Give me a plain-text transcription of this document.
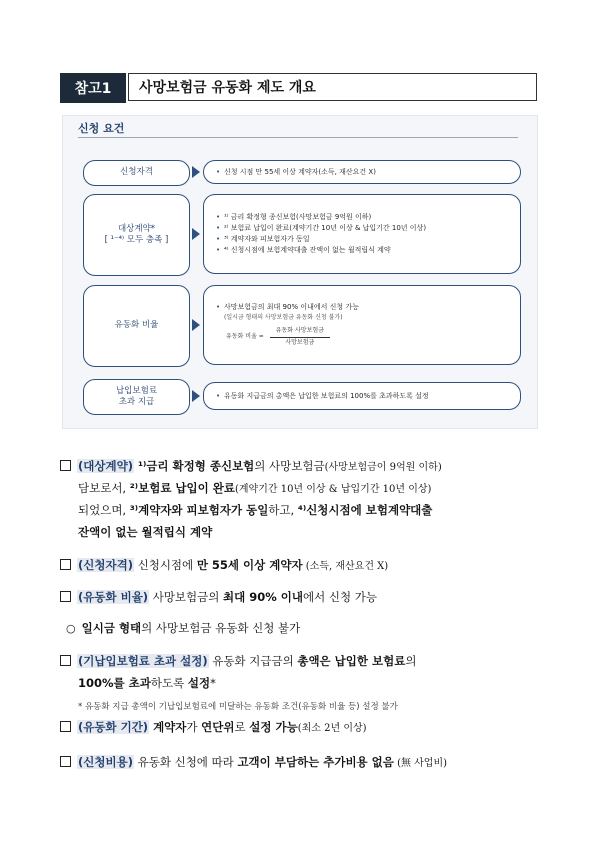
참고1	사망보험금 유동화 제도 개요
신청 요건
신청자격	• 신청 시점 만 55세 이상 계약자(소득, 재산요건 X)
대상계약*
[ ¹⁻⁴⁾ 모두 충족 ]
• ¹⁾ 금리 확정형 종신보험(사망보험금 9억원 이하)
• ²⁾ 보험료 납입이 완료(계약기간 10년 이상 & 납입기간 10년 이상)
• ³⁾ 계약자와 피보험자가 동일
• ⁴⁾ 신청시점에 보험계약대출 잔액이 없는 월적립식 계약
유동화 비율
• 사망보험금의 최대 90% 이내에서 신청 가능
(일시금 형태의 사망보험금 유동화 신청 불가)
유동화 비율 = $\frac{\text{유동화 사망보험금}}{\text{사망보험금}}$
납입보험료
초과 지급
• 유동화 지급금의 총액은 납입한 보험료의 100%를 초과하도록 설정
(대상계약) ¹⁾금리 확정형 종신보험의 사망보험금(사망보험금이 9억원 이하)
담보로서, ²⁾보험료 납입이 완료(계약기간 10년 이상 & 납입기간 10년 이상)
되었으며, ³⁾계약자와 피보험자가 동일하고, ⁴⁾신청시점에 보험계약대출
잔액이 없는 월적립식 계약
(신청자격) 신청시점에 만 55세 이상 계약자 (소득, 재산요건 X)
(유동화 비율) 사망보험금의 최대 90% 이내에서 신청 가능
○ 일시금 형태의 사망보험금 유동화 신청 불가
(기납입보험료 초과 설정) 유동화 지급금의 총액은 납입한 보험료의
100%를 초과하도록 설정*
* 유동화 지급 총액이 기납입보험료에 미달하는 유동화 조건(유동화 비율 등) 설정 불가
(유동화 기간) 계약자가 연단위로 설정 가능(최소 2년 이상)
(신청비용) 유동화 신청에 따라 고객이 부담하는 추가비용 없음 (無 사업비)
